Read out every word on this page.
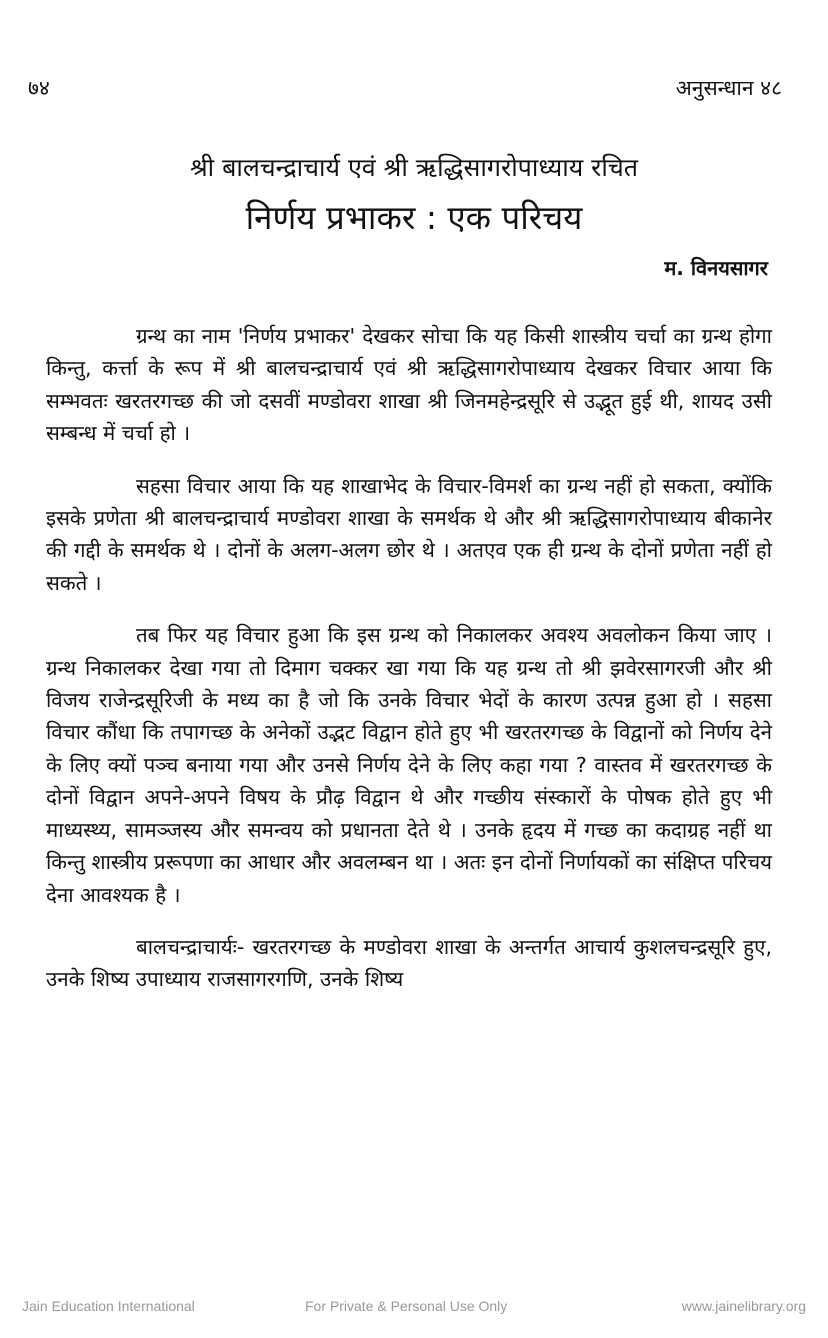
७४	अनुसन्धान ४८
श्री बालचन्द्राचार्य एवं श्री ऋद्धिसागरोपाध्याय रचित
निर्णय प्रभाकर : एक परिचय
म. विनयसागर

ग्रन्थ का नाम 'निर्णय प्रभाकर' देखकर सोचा कि यह किसी शास्त्रीय चर्चा का ग्रन्थ होगा किन्तु, कर्त्ता के रूप में श्री बालचन्द्राचार्य एवं श्री ऋद्धिसागरोपाध्याय देखकर विचार आया कि सम्भवतः खरतरगच्छ की जो दसवीं मण्डोवरा शाखा श्री जिनमहेन्द्रसूरि से उद्भूत हुई थी, शायद उसी सम्बन्ध में चर्चा हो ।

सहसा विचार आया कि यह शाखाभेद के विचार-विमर्श का ग्रन्थ नहीं हो सकता, क्योंकि इसके प्रणेता श्री बालचन्द्राचार्य मण्डोवरा शाखा के समर्थक थे और श्री ऋद्धिसागरोपाध्याय बीकानेर की गद्दी के समर्थक थे । दोनों के अलग-अलग छोर थे । अतएव एक ही ग्रन्थ के दोनों प्रणेता नहीं हो सकते ।

तब फिर यह विचार हुआ कि इस ग्रन्थ को निकालकर अवश्य अवलोकन किया जाए । ग्रन्थ निकालकर देखा गया तो दिमाग चक्कर खा गया कि यह ग्रन्थ तो श्री झवेरसागरजी और श्री विजय राजेन्द्रसूरिजी के मध्य का है जो कि उनके विचार भेदों के कारण उत्पन्न हुआ हो । सहसा विचार कौंधा कि तपागच्छ के अनेकों उद्भट विद्वान होते हुए भी खरतरगच्छ के विद्वानों को निर्णय देने के लिए क्यों पञ्च बनाया गया और उनसे निर्णय देने के लिए कहा गया ? वास्तव में खरतरगच्छ के दोनों विद्वान अपने-अपने विषय के प्रौढ़ विद्वान थे और गच्छीय संस्कारों के पोषक होते हुए भी माध्यस्थ्य, सामञ्जस्य और समन्वय को प्रधानता देते थे । उनके हृदय में गच्छ का कदाग्रह नहीं था किन्तु शास्त्रीय प्ररूपणा का आधार और अवलम्बन था । अतः इन दोनों निर्णायकों का संक्षिप्त परिचय देना आवश्यक है ।

बालचन्द्राचार्यः- खरतरगच्छ के मण्डोवरा शाखा के अन्तर्गत आचार्य कुशलचन्द्रसूरि हुए, उनके शिष्य उपाध्याय राजसागरगणि, उनके शिष्य

Jain Education International	For Private & Personal Use Only	www.jainelibrary.org
